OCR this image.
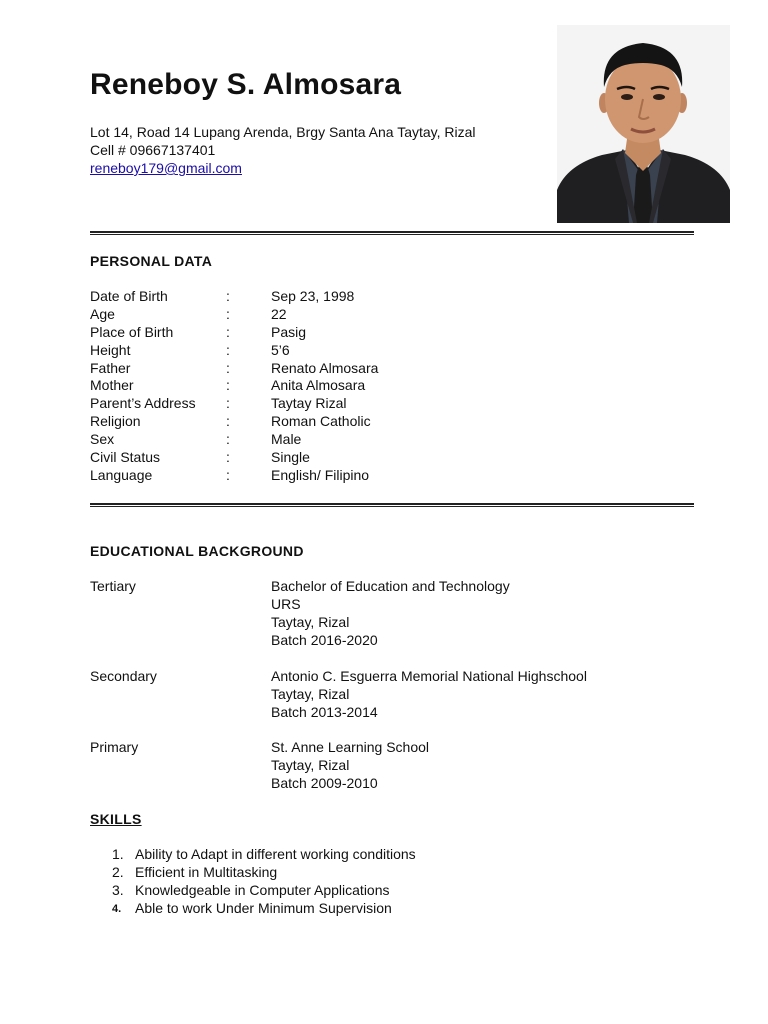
Reneboy S. Almosara
Lot 14, Road 14 Lupang Arenda, Brgy Santa Ana Taytay, Rizal
Cell # 09667137401
reneboy179@gmail.com
PERSONAL DATA
Date of Birth	:	Sep 23, 1998
Age	:	22
Place of Birth	:	Pasig
Height	:	5’6
Father	:	Renato Almosara
Mother	:	Anita Almosara
Parent’s Address :	Taytay Rizal
Religion	:	Roman Catholic
Sex	:	Male
Civil Status	:	Single
Language	:	English/ Filipino
EDUCATIONAL BACKGROUND
Tertiary	Bachelor of Education and Technology
URS
Taytay, Rizal
Batch 2016-2020
Secondary	Antonio C. Esguerra Memorial National Highschool
Taytay, Rizal
Batch 2013-2014
Primary	St. Anne Learning School
Taytay, Rizal
Batch 2009-2010
SKILLS
1. Ability to Adapt in different working conditions
2. Efficient in Multitasking
3. Knowledgeable in Computer Applications
4. Able to work Under Minimum Supervision
